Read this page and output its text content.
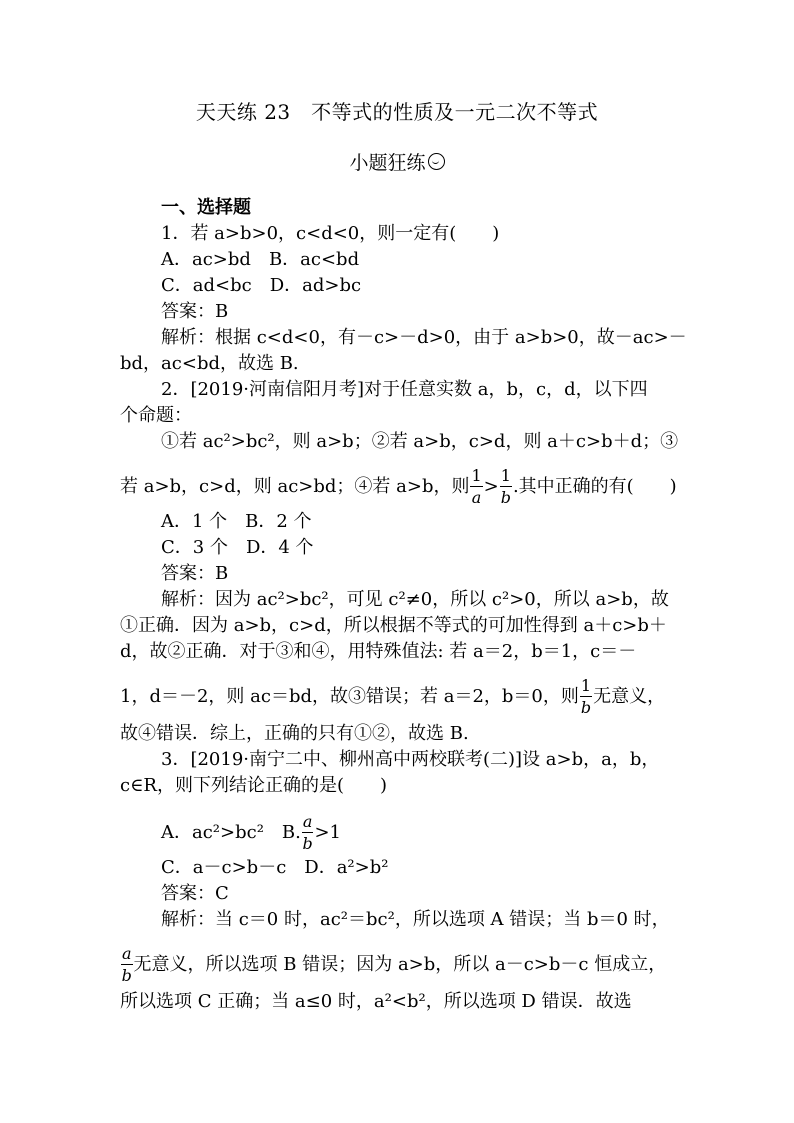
天天练 23　不等式的性质及一元二次不等式
小题狂练
一、选择题
1．若 a>b>0，c<d<0，则一定有(　　)
A．ac>bd　B．ac<bd
C．ad<bc　D．ad>bc
答案：B
解析：根据 c<d<0，有－c>－d>0，由于 a>b>0，故－ac>－
bd，ac<bd，故选 B.
2．[2019·河南信阳月考]对于任意实数 a，b，c，d，以下四
个命题：
①若 ac²>bc²，则 a>b；②若 a>b，c>d，则 a＋c>b＋d；③
若 a>b，c>d，则 ac>bd；④若 a>b，则 $\frac{1}{a} > \frac{1}{b}$ .其中正确的有(　　)
A．1 个　B．2 个
C．3 个　D．4 个
答案：B
解析：因为 ac²>bc²，可见 c²≠0，所以 c²>0，所以 a>b，故
①正确．因为 a>b，c>d，所以根据不等式的可加性得到 a＋c>b＋
d，故②正确．对于③和④，用特殊值法: 若 a＝2，b＝1，c＝－
1，d＝－2，则 ac＝bd，故③错误；若 a＝2，b＝0，则 $\frac{1}{b}$ 无意义，
故④错误．综上，正确的只有①②，故选 B.
3．[2019·南宁二中、柳州高中两校联考(二)]设 a>b，a，b，
c∈R，则下列结论正确的是(　　)
A．ac²>bc²　B. $\frac{a}{b} >1$
C．a－c>b－c　D．a²>b²
答案：C
解析：当 c＝0 时，ac²＝bc²，所以选项 A 错误；当 b＝0 时，
$\frac{a}{b}$ 无意义，所以选项 B 错误；因为 a>b，所以 a－c>b－c 恒成立，
所以选项 C 正确；当 a≤0 时，a²<b²，所以选项 D 错误．故选
